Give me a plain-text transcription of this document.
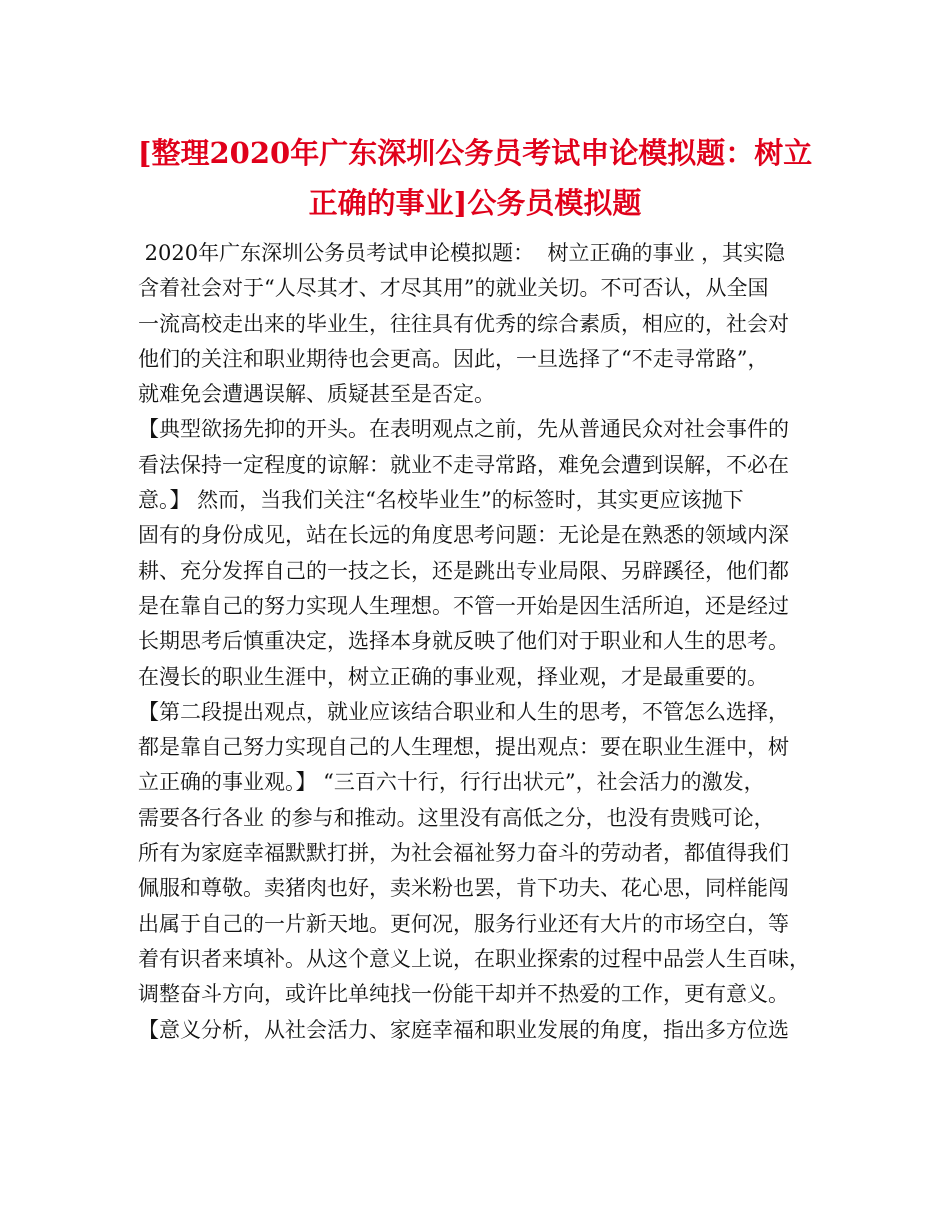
[整理2020年广东深圳公务员考试申论模拟题：树立
正确的事业]公务员模拟题
2020年广东深圳公务员考试申论模拟题：  树立正确的事业 ，其实隐
含着社会对于“人尽其才、才尽其用”的就业关切。不可否认，从全国
一流高校走出来的毕业生，往往具有优秀的综合素质，相应的，社会对
他们的关注和职业期待也会更高。因此，一旦选择了“不走寻常路”，
就难免会遭遇误解、质疑甚至是否定。
【典型欲扬先抑的开头。在表明观点之前，先从普通民众对社会事件的
看法保持一定程度的谅解：就业不走寻常路，难免会遭到误解，不必在
意。】 然而，当我们关注“名校毕业生”的标签时，其实更应该抛下
固有的身份成见，站在长远的角度思考问题：无论是在熟悉的领域内深
耕、充分发挥自己的一技之长，还是跳出专业局限、另辟蹊径，他们都
是在靠自己的努力实现人生理想。不管一开始是因生活所迫，还是经过
长期思考后慎重决定，选择本身就反映了他们对于职业和人生的思考。
在漫长的职业生涯中，树立正确的事业观，择业观，才是最重要的。
【第二段提出观点，就业应该结合职业和人生的思考，不管怎么选择，
都是靠自己努力实现自己的人生理想，提出观点：要在职业生涯中，树
立正确的事业观。】 “三百六十行，行行出状元”，社会活力的激发，
需要各行各业 的参与和推动。这里没有高低之分，也没有贵贱可论，
所有为家庭幸福默默打拼，为社会福祉努力奋斗的劳动者，都值得我们
佩服和尊敬。卖猪肉也好，卖米粉也罢，肯下功夫、花心思，同样能闯
出属于自己的一片新天地。更何况，服务行业还有大片的市场空白，等
着有识者来填补。从这个意义上说，在职业探索的过程中品尝人生百味，
调整奋斗方向，或许比单纯找一份能干却并不热爱的工作，更有意义。
【意义分析，从社会活力、家庭幸福和职业发展的角度，指出多方位选
